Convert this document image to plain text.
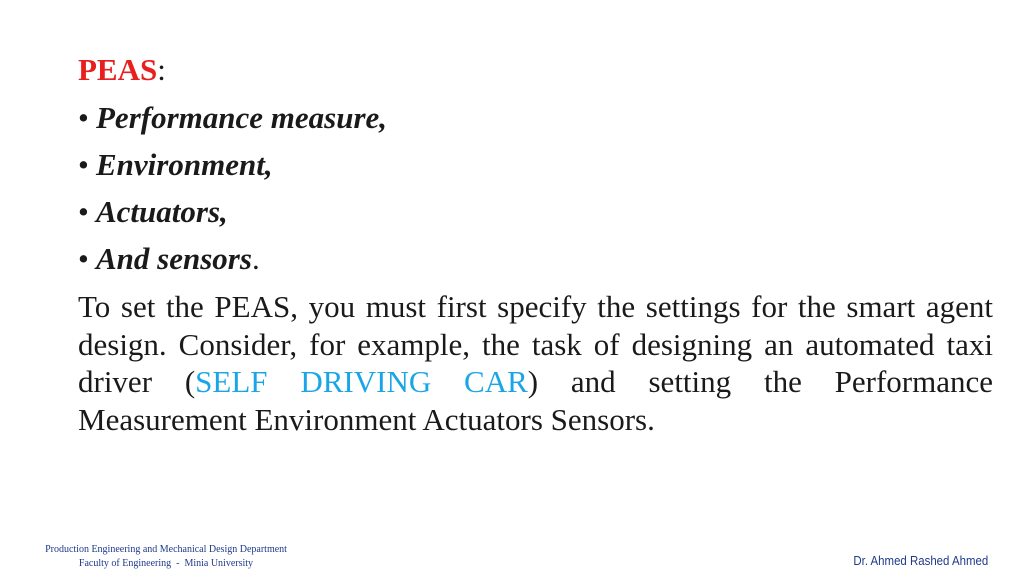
PEAS:

• Performance measure,
• Environment,
• Actuators,
• And sensors.

To set the PEAS, you must first specify the settings for the smart agent design. Consider, for example, the task of designing an automated taxi driver (SELF DRIVING CAR) and setting the Performance Measurement Environment Actuators Sensors.

Production Engineering and Mechanical Design Department
Faculty of Engineering  -  Minia University	Dr. Ahmed Rashed Ahmed
